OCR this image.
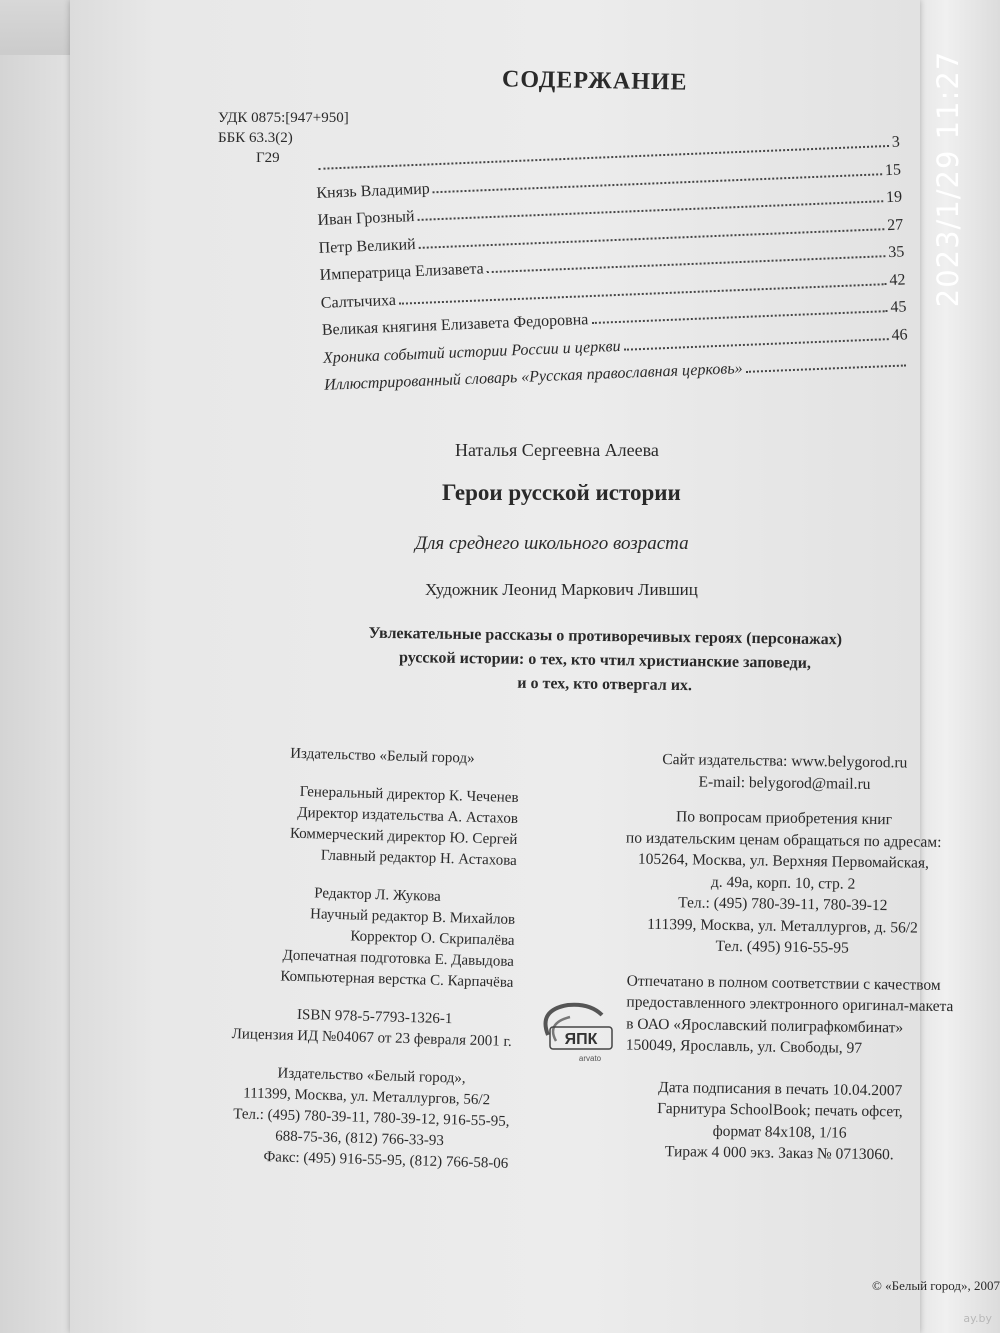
СОДЕРЖАНИЕ
УДК 0875:[947+950]
ББК 63.3(2)
Г29
3
Князь Владимир
15
Иван Грозный
19
Петр Великий
27
Императрица Елизавета
35
Салтычиха
42
Великая княгиня Елизавета Федоровна
45
Хроника событий истории России и церкви
46
Иллюстрированный словарь «Русская православная церковь»
Наталья Сергеевна Алеева
Герои русской истории
Для среднего школьного возраста
Художник Леонид Маркович Лившиц
Увлекательные рассказы о противоречивых героях (персонажах)
русской истории: о тех, кто чтил христианские заповеди,
и о тех, кто отвергал их.
Издательство «Белый город»
Генеральный директор К. Чеченев
Директор издательства А. Астахов
Коммерческий директор Ю. Сергей
Главный редактор Н. Астахова
Редактор Л. Жукова
Научный редактор В. Михайлов
Корректор О. Скрипалёва
Допечатная подготовка Е. Давыдова
Компьютерная верстка С. Карпачёва
ISBN 978-5-7793-1326-1
Лицензия ИД №04067 от 23 февраля 2001 г.
Издательство «Белый город»,
111399, Москва, ул. Металлургов, 56/2
Тел.: (495) 780-39-11, 780-39-12, 916-55-95,
688-75-36, (812) 766-33-93
Факс: (495) 916-55-95, (812) 766-58-06
Сайт издательства: www.belygorod.ru
E-mail: belygorod@mail.ru
По вопросам приобретения книг
по издательским ценам обращаться по адресам:
105264, Москва, ул. Верхняя Первомайская,
д. 49а, корп. 10, стр. 2
Тел.: (495) 780-39-11, 780-39-12
111399, Москва, ул. Металлургов, д. 56/2
Тел. (495) 916-55-95
Отпечатано в полном соответствии с качеством
предоставленного электронного оригинал-макета
в ОАО «Ярославский полиграфкомбинат»
150049, Ярославль, ул. Свободы, 97
Дата подписания в печать 10.04.2007
Гарнитура SchoolBook; печать офсет,
формат 84х108, 1/16
Тираж 4 000 экз. Заказ № 0713060.
ЯПК
arvato
© «Белый город», 2007
2023/1/29 11:27
ay.by
